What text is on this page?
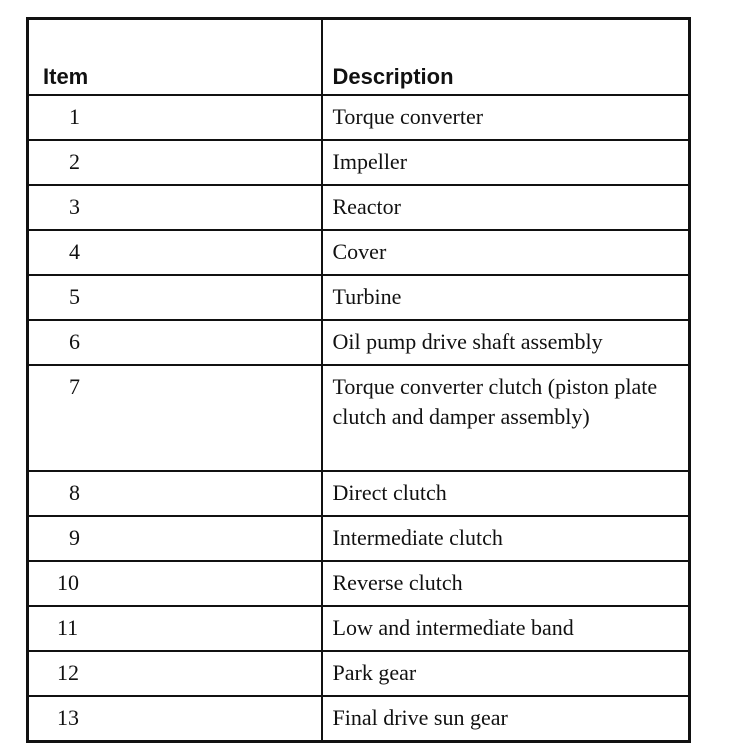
Item	Description
1	Torque converter
2	Impeller
3	Reactor
4	Cover
5	Turbine
6	Oil pump drive shaft assembly
7	Torque converter clutch (piston plate clutch and damper assembly)
8	Direct clutch
9	Intermediate clutch
10	Reverse clutch
11	Low and intermediate band
12	Park gear
13	Final drive sun gear
